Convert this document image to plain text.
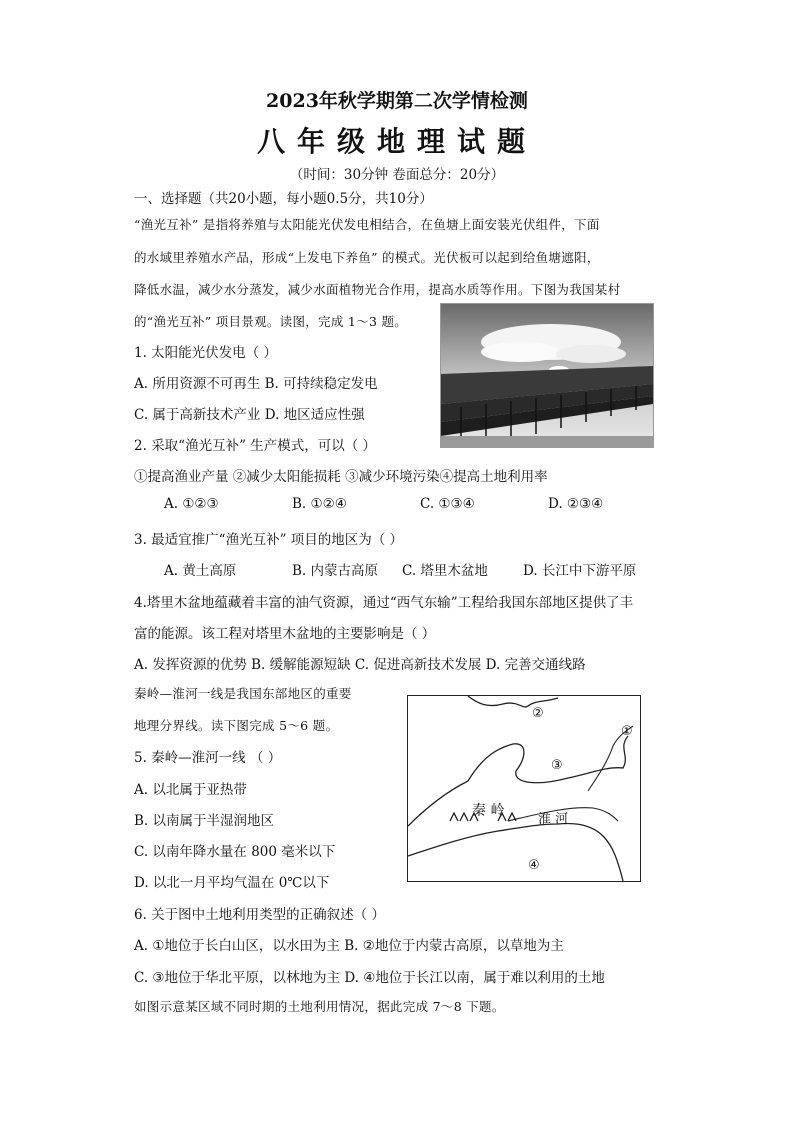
2023年秋学期第二次学情检测
八年级地理试题
（时间：30分钟 卷面总分：20分）
一、选择题（共20小题，每小题0.5分，共10分）
“渔光互补” 是指将养殖与太阳能光伏发电相结合，在鱼塘上面安装光伏组件，下面
的水域里养殖水产品，形成“上发电下养鱼” 的模式。光伏板可以起到给鱼塘遮阳，
降低水温，减少水分蒸发，减少水面植物光合作用，提高水质等作用。下图为我国某村
的“渔光互补” 项目景观。读图，完成 1～3 题。
1. 太阳能光伏发电（ ）
A. 所用资源不可再生 B. 可持续稳定发电
C. 属于高新技术产业 D. 地区适应性强
2. 采取“渔光互补” 生产模式，可以（ ）
①提高渔业产量 ②减少太阳能损耗 ③减少环境污染④提高土地利用率
A. ①②③	B. ①②④	C. ①③④	D. ②③④
3. 最适宜推广“渔光互补” 项目的地区为（ ）
A. 黄土高原	B. 内蒙古高原 C. 塔里木盆地	D. 长江中下游平原
4.塔里木盆地蕴藏着丰富的油气资源，通过“西气东输”工程给我国东部地区提供了丰
富的能源。该工程对塔里木盆地的主要影响是（ ）
A. 发挥资源的优势 B. 缓解能源短缺 C. 促进高新技术发展 D. 完善交通线路
秦岭—淮河一线是我国东部地区的重要
地理分界线。读下图完成 5～6 题。
5. 秦岭—淮河一线 （ ）
A. 以北属于亚热带
B. 以南属于半湿润地区
C. 以南年降水量在 800 毫米以下
D. 以北一月平均气温在 0℃以下
②
①
③
④
秦 岭
淮 河
6. 关于图中土地利用类型的正确叙述（ ）
A. ①地位于长白山区，以水田为主 B. ②地位于内蒙古高原，以草地为主
C. ③地位于华北平原，以林地为主 D. ④地位于长江以南，属于难以利用的土地
如图示意某区域不同时期的土地利用情况，据此完成 7～8 下题。
